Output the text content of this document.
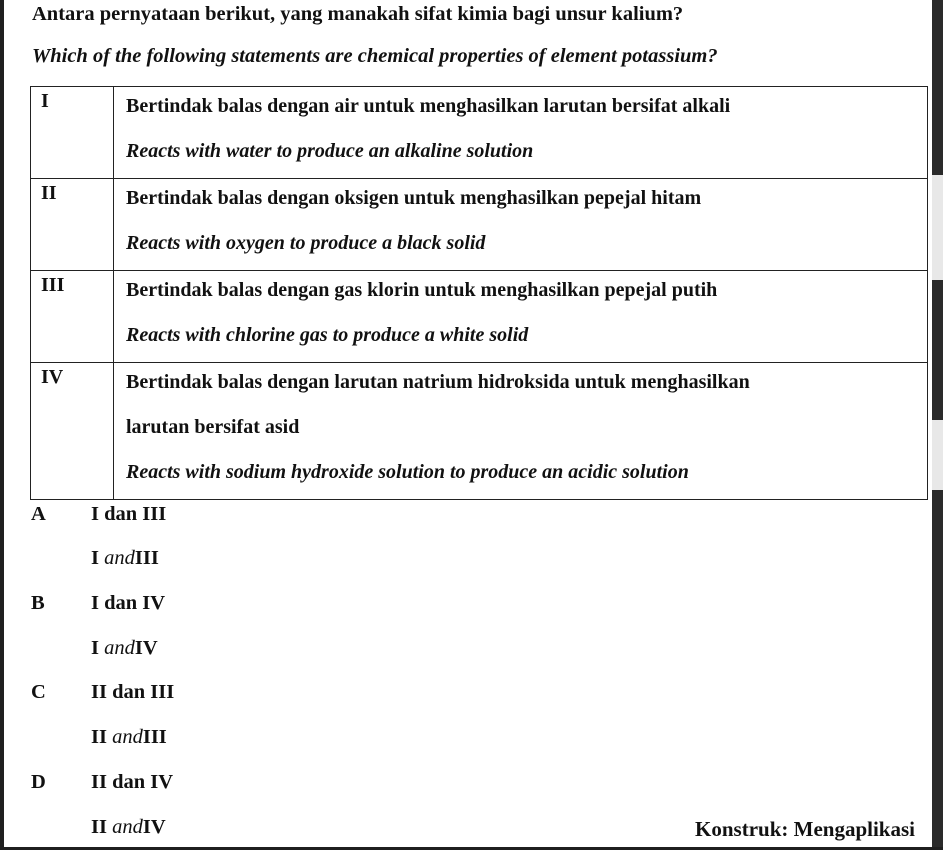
Antara pernyataan berikut, yang manakah sifat kimia bagi unsur kalium?
Which of the following statements are chemical properties of element potassium?
I	Bertindak balas dengan air untuk menghasilkan larutan bersifat alkali
Reacts with water to produce an alkaline solution

II	Bertindak balas dengan oksigen untuk menghasilkan pepejal hitam
Reacts with oxygen to produce a black solid

III	Bertindak balas dengan gas klorin untuk menghasilkan pepejal putih
Reacts with chlorine gas to produce a white solid

IV	Bertindak balas dengan larutan natrium hidroksida untuk menghasilkan
larutan bersifat asid
Reacts with sodium hydroxide solution to produce an acidic solution
A I dan III
I andIII
B I dan IV
I andIV
C II dan III
II andIII
D II dan IV
II andIV	Konstruk: Mengaplikasi
